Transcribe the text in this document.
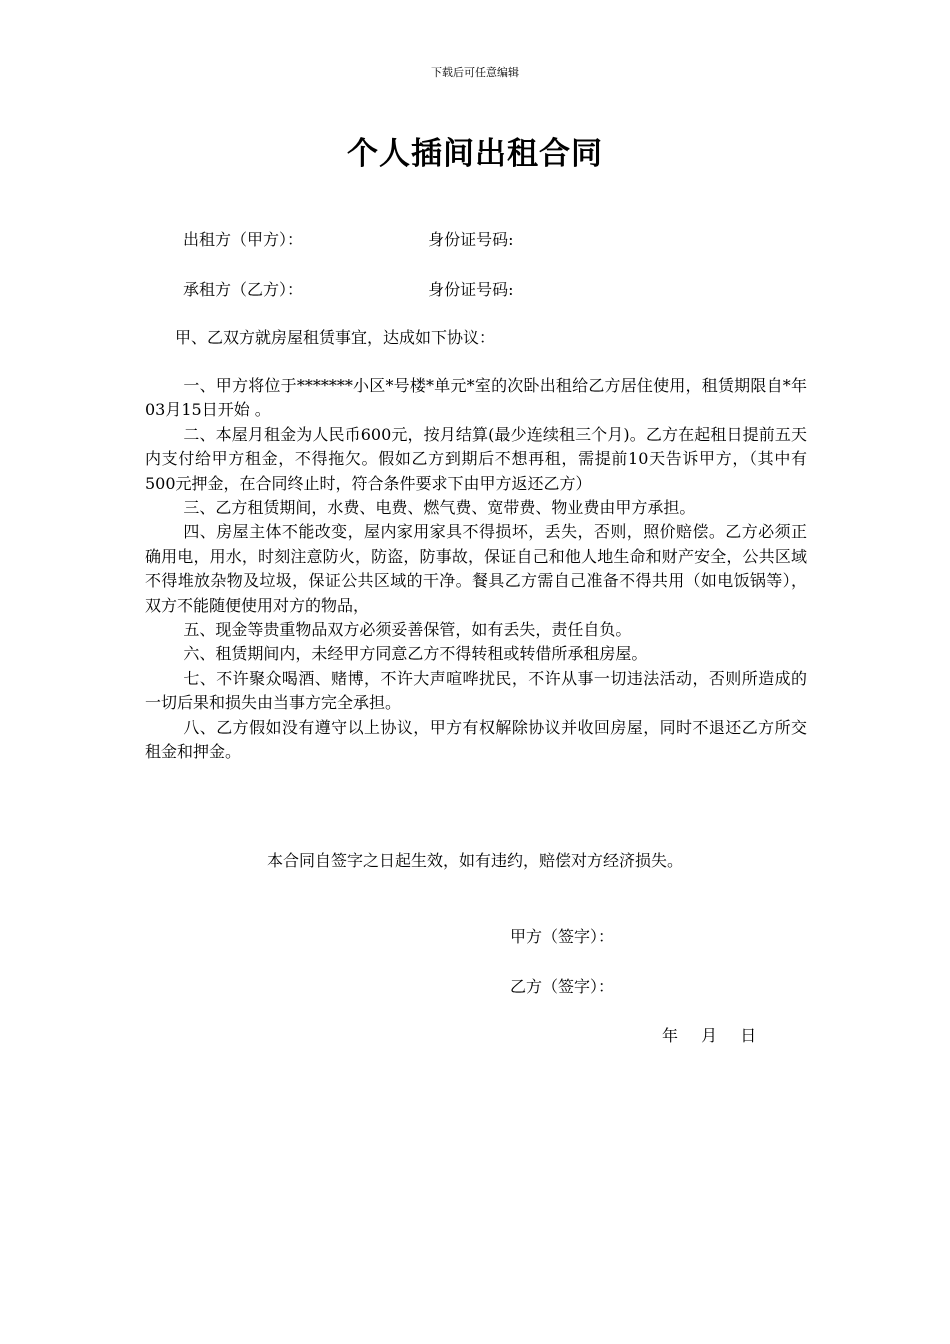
下载后可任意编辑
个人插间出租合同
出租方（甲方）：	身份证号码:
承租方（乙方）：	身份证号码:
甲、乙双方就房屋租赁事宜，达成如下协议：

一、甲方将位于*******小区*号楼*单元*室的次卧出租给乙方居住使用，租赁期限自*年03月15日开始 。

二、本屋月租金为人民币600元，按月结算(最少连续租三个月)。乙方在起租日提前五天内支付给甲方租金，不得拖欠。假如乙方到期后不想再租，需提前10天告诉甲方，（其中有500元押金，在合同终止时，符合条件要求下由甲方返还乙方）

三、乙方租赁期间，水费、电费、燃气费、宽带费、物业费由甲方承担。

四、房屋主体不能改变，屋内家用家具不得损坏，丢失，否则，照价赔偿。乙方必须正确用电，用水，时刻注意防火，防盗，防事故，保证自己和他人地生命和财产安全，公共区域不得堆放杂物及垃圾，保证公共区域的干净。餐具乙方需自己准备不得共用（如电饭锅等），双方不能随便使用对方的物品，

五、现金等贵重物品双方必须妥善保管，如有丢失，责任自负。

六、租赁期间内，未经甲方同意乙方不得转租或转借所承租房屋。

七、不许聚众喝酒、赌博，不许大声喧哗扰民，不许从事一切违法活动，否则所造成的一切后果和损失由当事方完全承担。

八、乙方假如没有遵守以上协议，甲方有权解除协议并收回房屋，同时不退还乙方所交租金和押金。

本合同自签字之日起生效，如有违约，赔偿对方经济损失。
甲方（签字）：
乙方（签字）：
年 月 日
